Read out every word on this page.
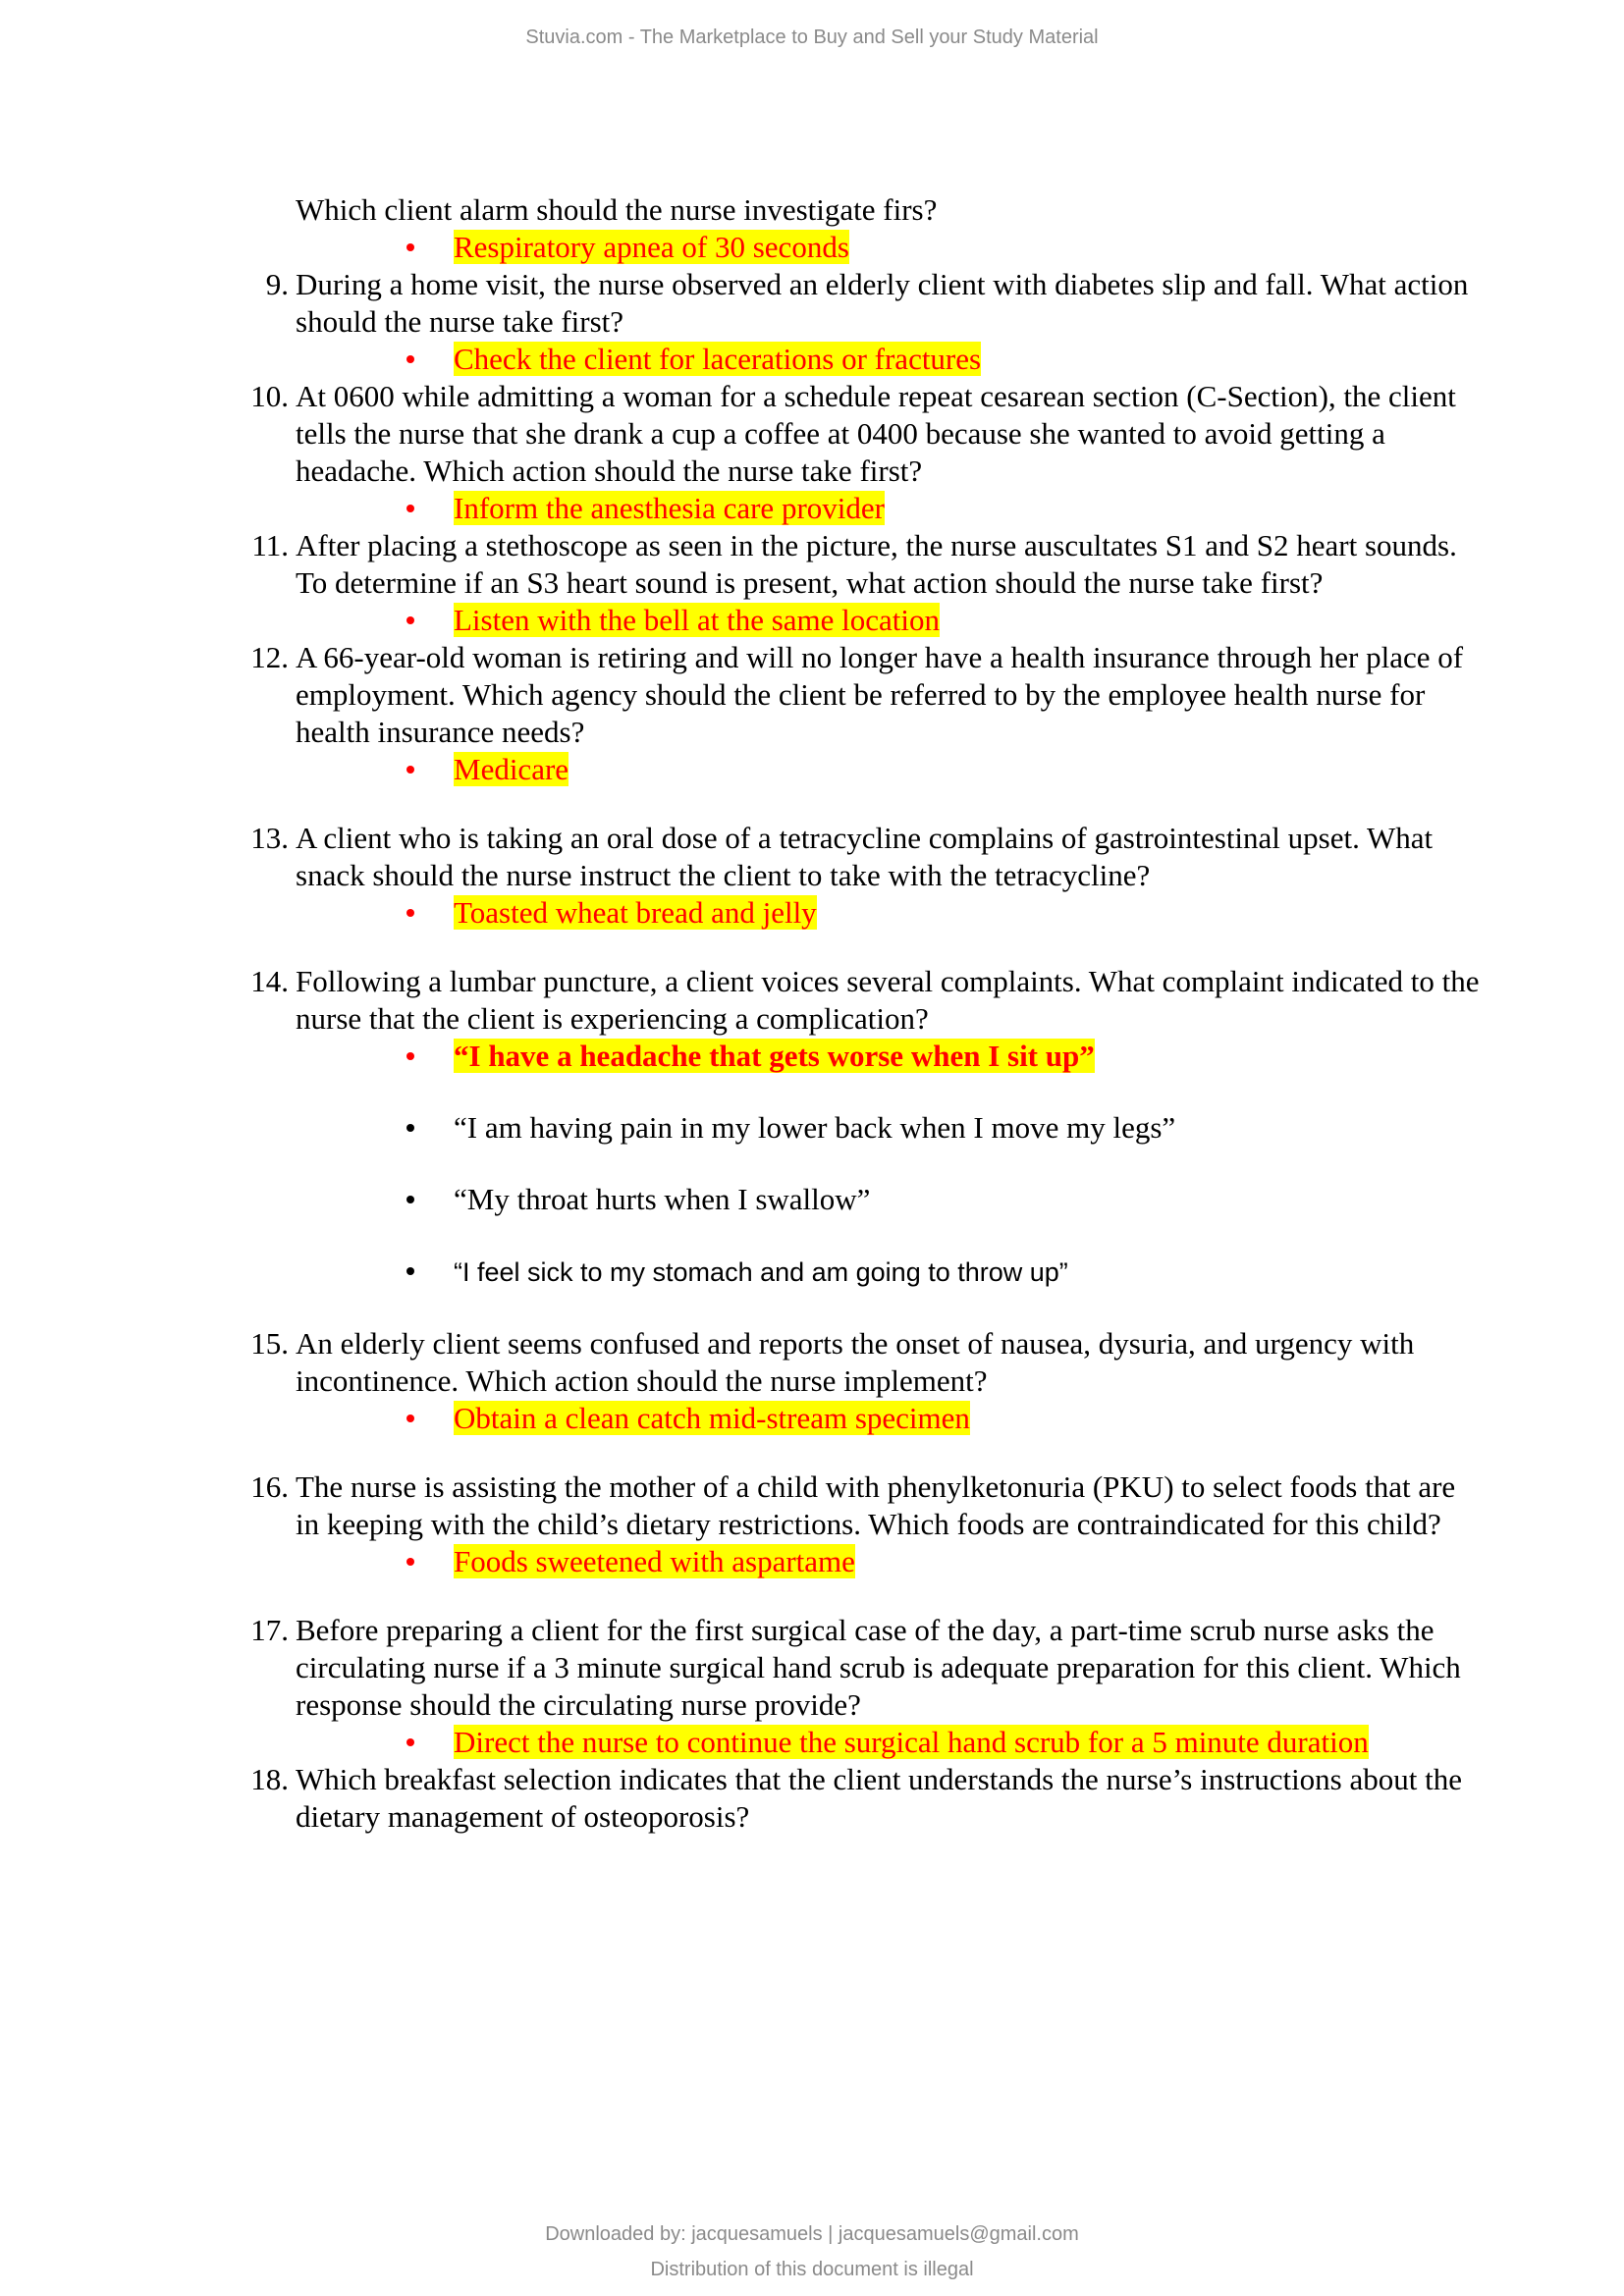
Stuvia.com - The Marketplace to Buy and Sell your Study Material
Which client alarm should the nurse investigate firs?
Respiratory apnea of 30 seconds
9. During a home visit, the nurse observed an elderly client with diabetes slip and fall. What action should the nurse take first?
Check the client for lacerations or fractures
10. At 0600 while admitting a woman for a schedule repeat cesarean section (C-Section), the client tells the nurse that she drank a cup a coffee at 0400 because she wanted to avoid getting a headache. Which action should the nurse take first?
Inform the anesthesia care provider
11. After placing a stethoscope as seen in the picture, the nurse auscultates S1 and S2 heart sounds. To determine if an S3 heart sound is present, what action should the nurse take first?
Listen with the bell at the same location
12. A 66-year-old woman is retiring and will no longer have a health insurance through her place of employment. Which agency should the client be referred to by the employee health nurse for health insurance needs?
Medicare
13. A client who is taking an oral dose of a tetracycline complains of gastrointestinal upset. What snack should the nurse instruct the client to take with the tetracycline?
Toasted wheat bread and jelly
14. Following a lumbar puncture, a client voices several complaints. What complaint indicated to the nurse that the client is experiencing a complication?
“I have a headache that gets worse when I sit up”
“I am having pain in my lower back when I move my legs”
“My throat hurts when I swallow”
“I feel sick to my stomach and am going to throw up”
15. An elderly client seems confused and reports the onset of nausea, dysuria, and urgency with incontinence. Which action should the nurse implement?
Obtain a clean catch mid-stream specimen
16. The nurse is assisting the mother of a child with phenylketonuria (PKU) to select foods that are in keeping with the child’s dietary restrictions. Which foods are contraindicated for this child?
Foods sweetened with aspartame
17. Before preparing a client for the first surgical case of the day, a part-time scrub nurse asks the circulating nurse if a 3 minute surgical hand scrub is adequate preparation for this client. Which response should the circulating nurse provide?
Direct the nurse to continue the surgical hand scrub for a 5 minute duration
18. Which breakfast selection indicates that the client understands the nurse’s instructions about the dietary management of osteoporosis?
Downloaded by: jacquesamuels | jacquesamuels@gmail.com
Distribution of this document is illegal
